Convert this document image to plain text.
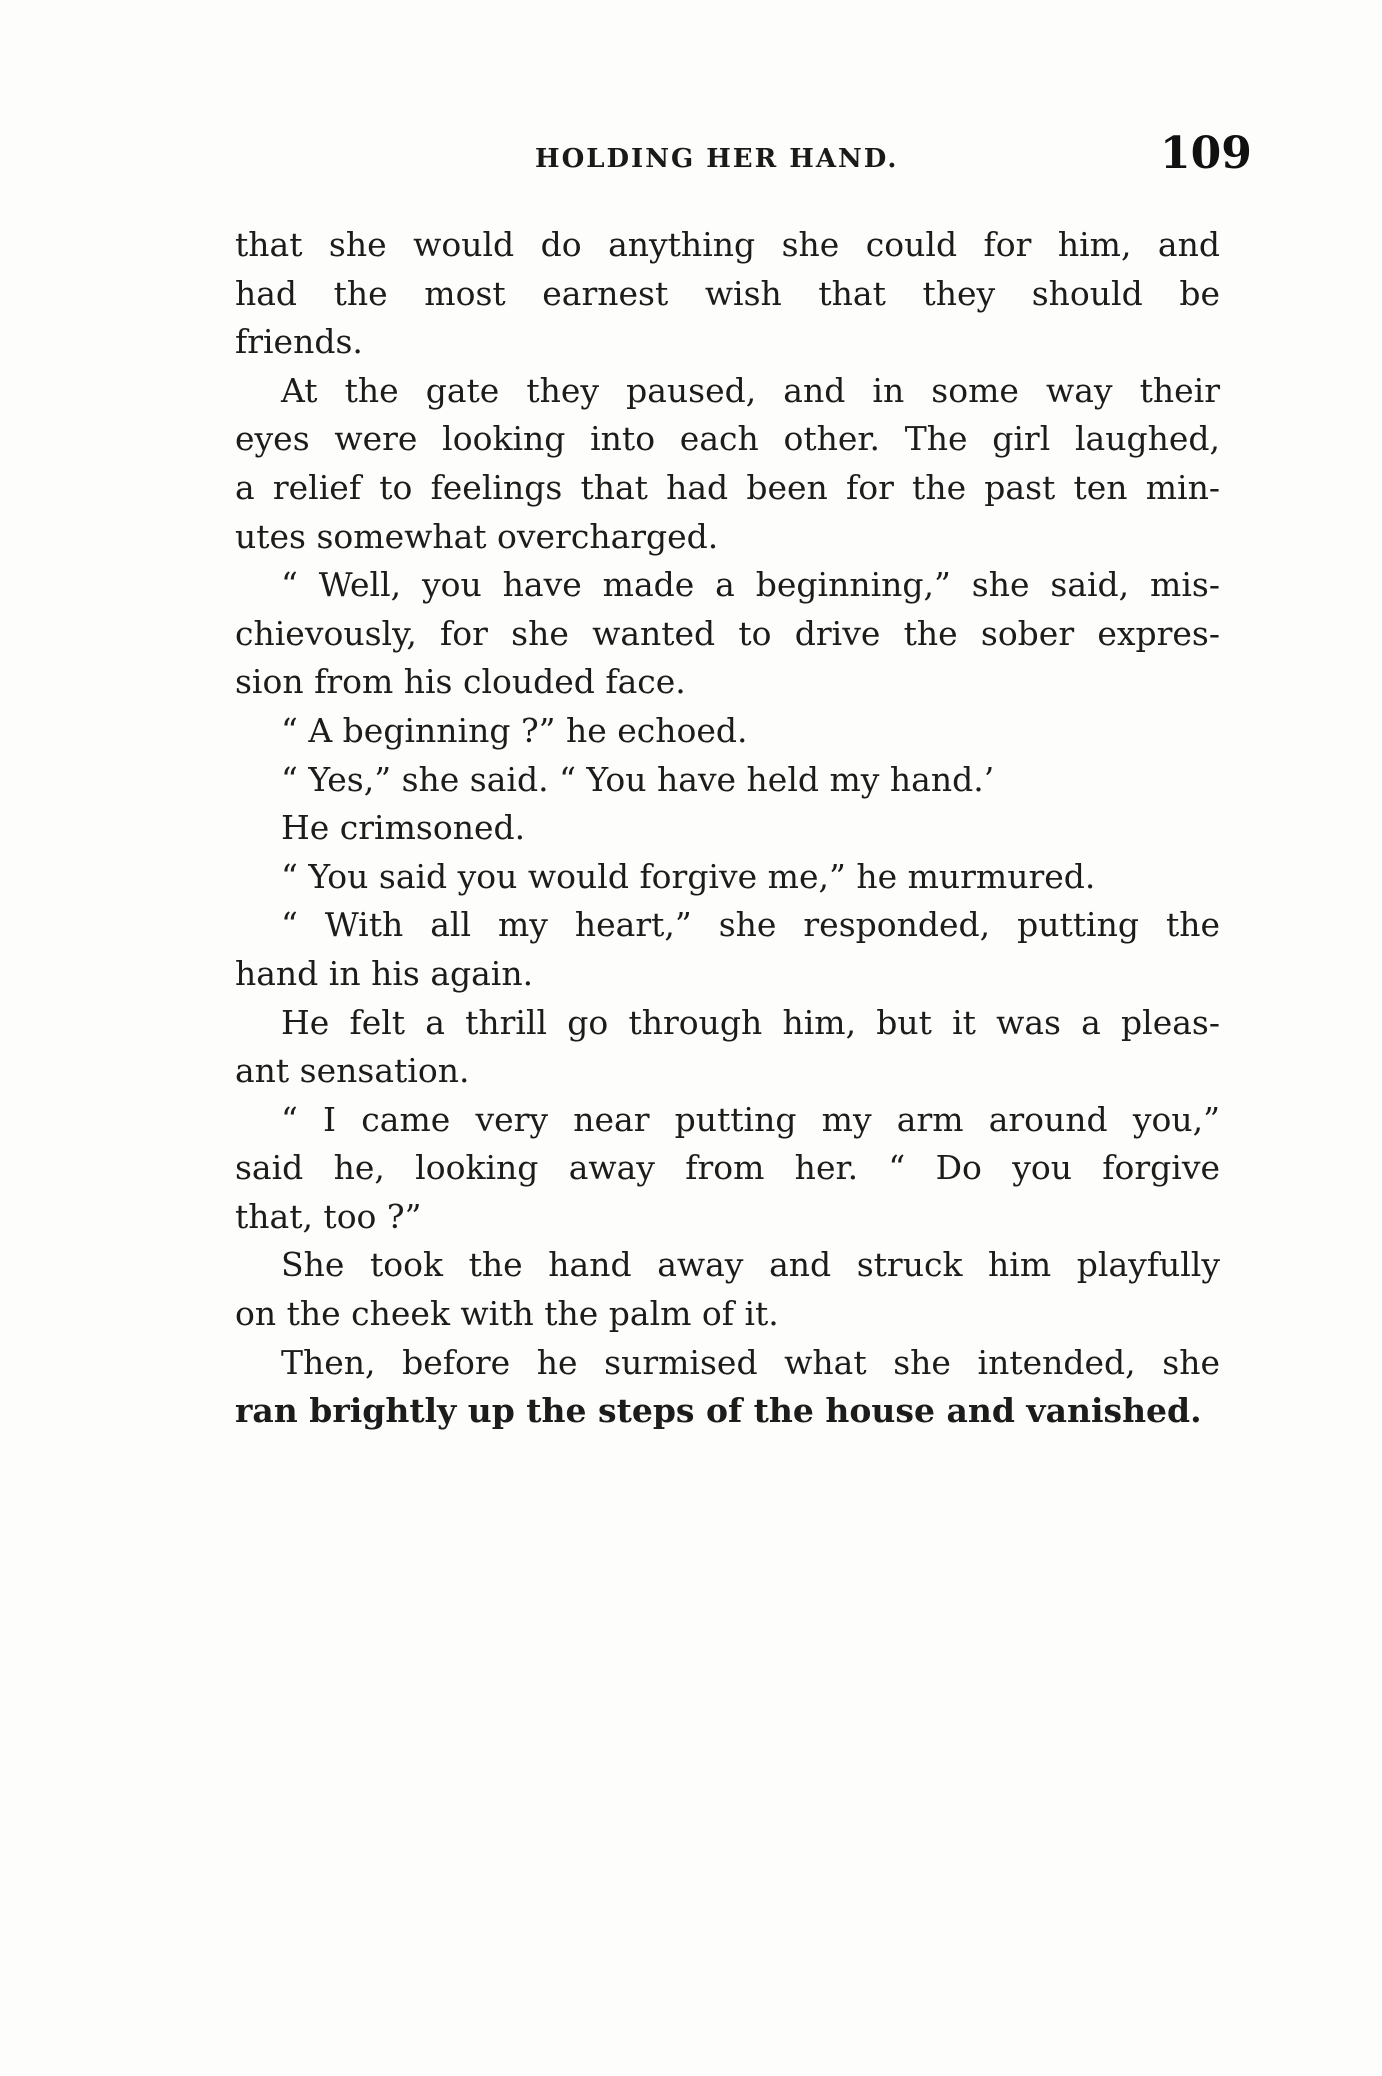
HOLDING HER HAND.	109
that she would do anything she could for him, and
had the most earnest wish that they should be
friends.
At the gate they paused, and in some way their
eyes were looking into each other. The girl laughed,
a relief to feelings that had been for the past ten min-
utes somewhat overcharged.
“ Well, you have made a beginning,” she said, mis-
chievously, for she wanted to drive the sober expres-
sion from his clouded face.
“ A beginning ?” he echoed.
“ Yes,” she said. “ You have held my hand.’
He crimsoned.
“ You said you would forgive me,” he murmured.
“ With all my heart,” she responded, putting the
hand in his again.
He felt a thrill go through him, but it was a pleas-
ant sensation.
“ I came very near putting my arm around you,”
said he, looking away from her. “ Do you forgive
that, too ?”
She took the hand away and struck him playfully
on the cheek with the palm of it.
Then, before he surmised what she intended, she
ran brightly up the steps of the house and vanished.
